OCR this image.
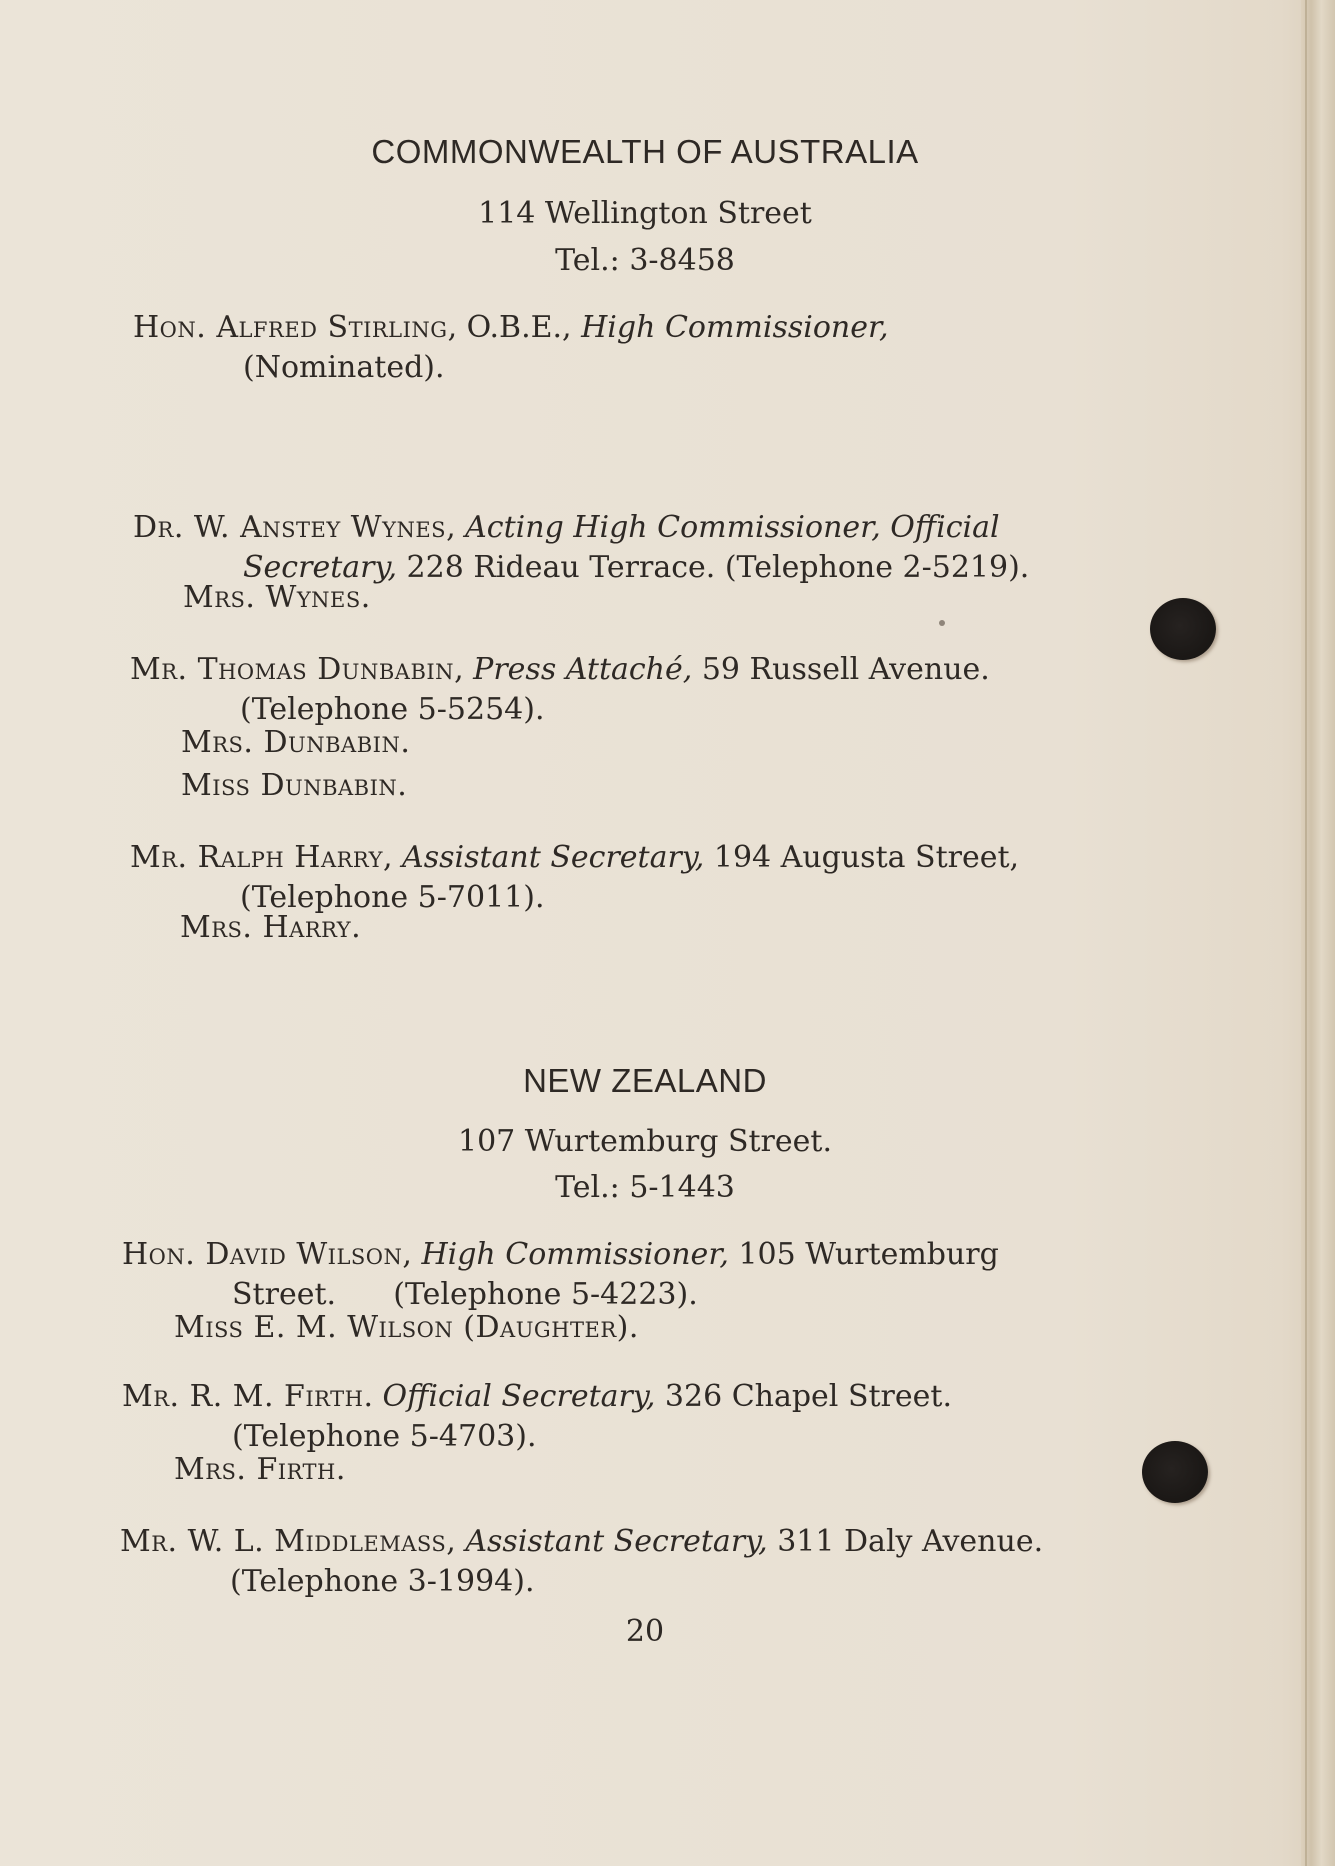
COMMONWEALTH OF AUSTRALIA
114 Wellington Street
Tel.: 3-8458
Hon. Alfred Stirling, O.B.E., High Commissioner,
(Nominated).
Dr. W. Anstey Wynes, Acting High Commissioner, Official
Secretary, 228 Rideau Terrace. (Telephone 2-5219).
Mrs. Wynes.
Mr. Thomas Dunbabin, Press Attaché, 59 Russell Avenue.
(Telephone 5-5254).
Mrs. Dunbabin.
Miss Dunbabin.
Mr. Ralph Harry, Assistant Secretary, 194 Augusta Street,
(Telephone 5-7011).
Mrs. Harry.
NEW ZEALAND
107 Wurtemburg Street.
Tel.: 5-1443
Hon. David Wilson, High Commissioner, 105 Wurtemburg
Street.      (Telephone 5-4223).
Miss E. M. Wilson (Daughter).
Mr. R. M. Firth. Official Secretary, 326 Chapel Street.
(Telephone 5-4703).
Mrs. Firth.
Mr. W. L. Middlemass, Assistant Secretary, 311 Daly Avenue.
(Telephone 3-1994).
20
